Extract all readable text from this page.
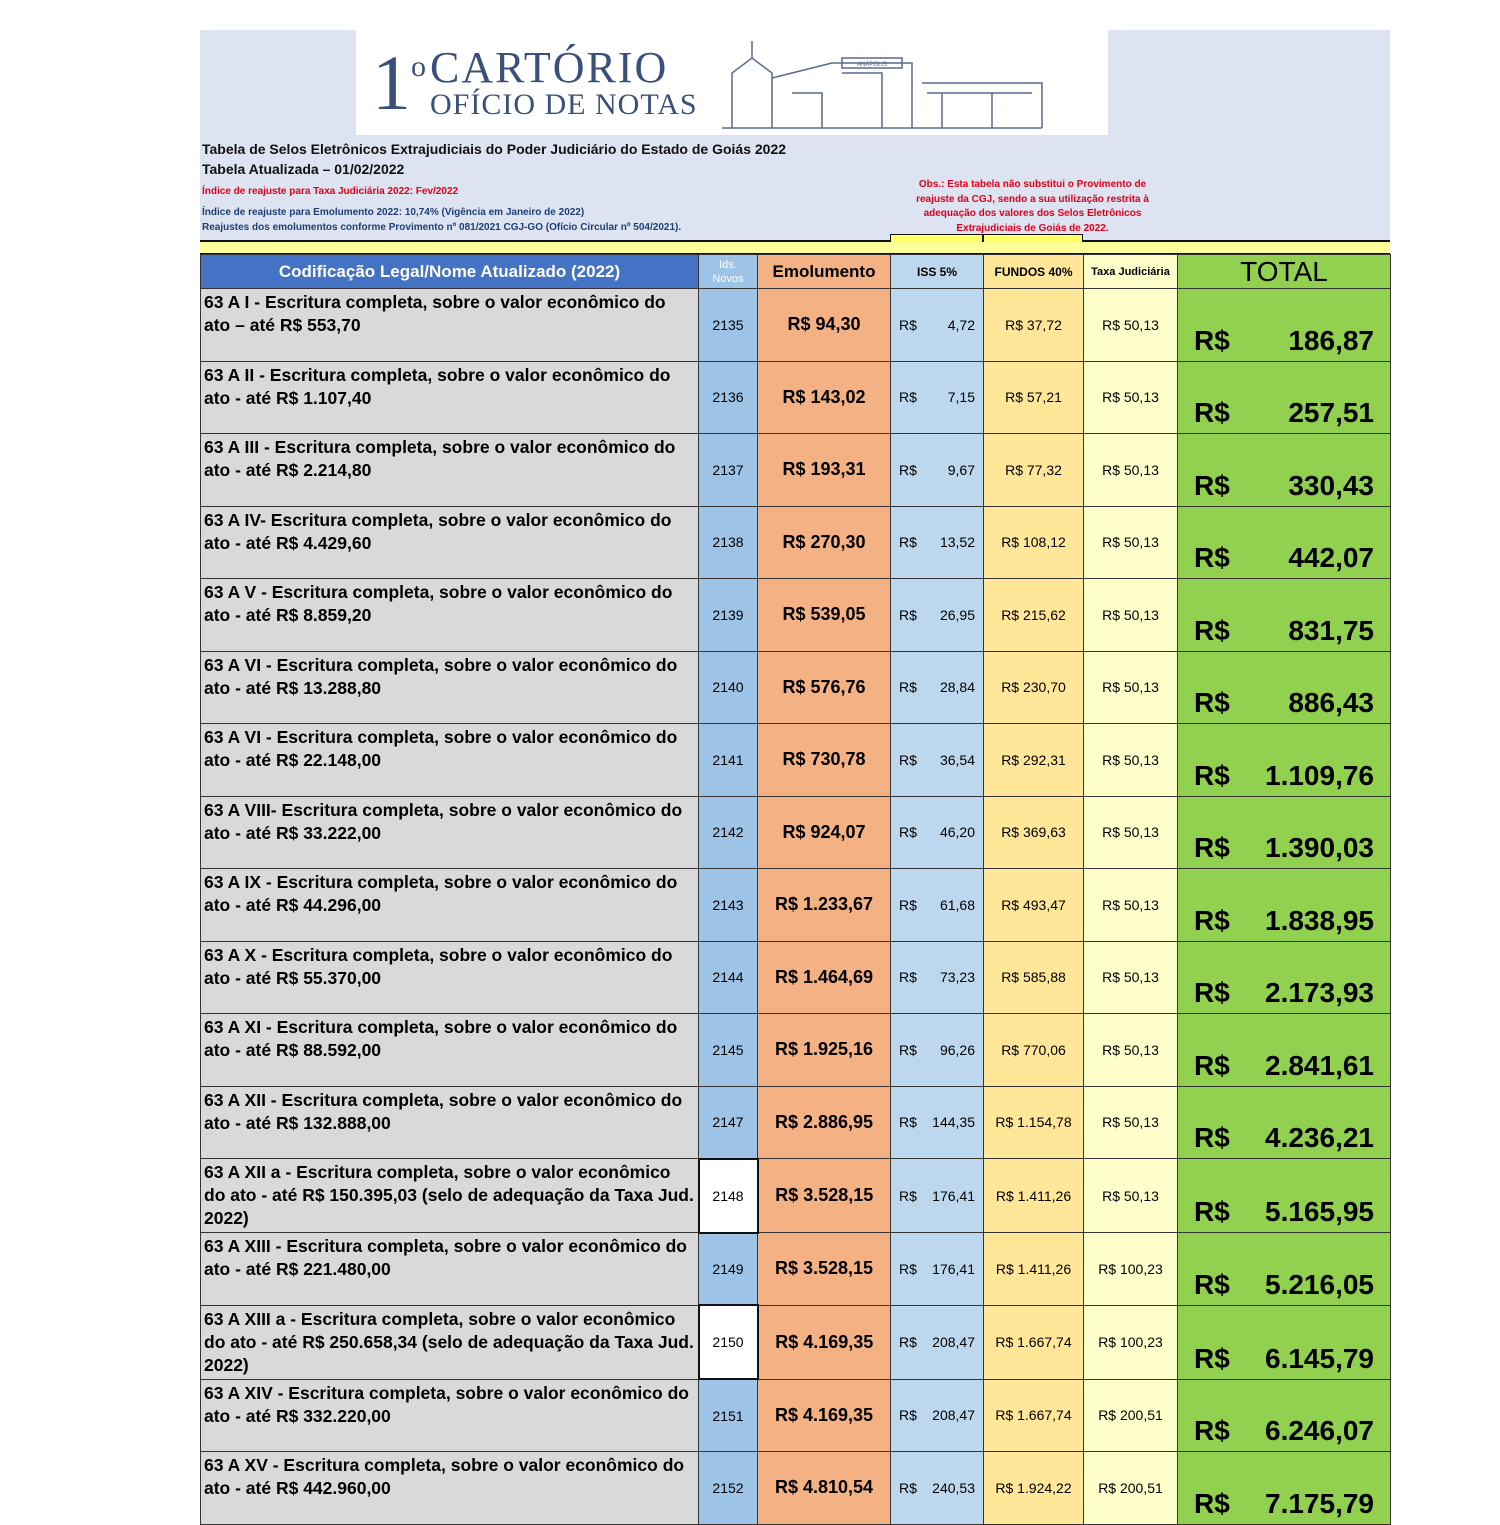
1$^o$ CARTÓRIO
OFÍCIO DE NOTAS
ANÁPOLIS
Tabela de Selos Eletrônicos Extrajudiciais do Poder Judiciário do Estado de Goiás 2022
Tabela Atualizada – 01/02/2022
Índice de reajuste para Taxa Judiciária 2022: Fev/2022
Índice de reajuste para Emolumento 2022: 10,74% (Vigência em Janeiro de 2022)
Reajustes dos emolumentos conforme Provimento nº 081/2021 CGJ-GO (Ofício Circular nº 504/2021).
Obs.: Esta tabela não substitui o Provimento de reajuste da CGJ, sendo a sua utilização restrita à adequação dos valores dos Selos Eletrônicos Extrajudiciais de Goiás de 2022.
Codificação Legal/Nome Atualizado (2022)	Ids.
Novos	Emolumento	ISS 5%	FUNDOS 40%	Taxa Judiciária	TOTAL
63 A I - Escritura completa, sobre o valor econômico do ato – até R$ 553,70	2135	R$ 94,30	R$ 4,72	R$ 37,72	R$ 50,13	R$ 186,87

63 A II - Escritura completa, sobre o valor econômico do ato - até R$ 1.107,40	2136	R$ 143,02	R$ 7,15	R$ 57,21	R$ 50,13	R$ 257,51

63 A III - Escritura completa, sobre o valor econômico do ato - até R$ 2.214,80	2137	R$ 193,31	R$ 9,67	R$ 77,32	R$ 50,13	R$ 330,43

63 A IV- Escritura completa, sobre o valor econômico do ato - até R$ 4.429,60	2138	R$ 270,30	R$ 13,52	R$ 108,12	R$ 50,13	R$ 442,07

63 A V - Escritura completa, sobre o valor econômico do ato - até R$ 8.859,20	2139	R$ 539,05	R$ 26,95	R$ 215,62	R$ 50,13	R$ 831,75

63 A VI - Escritura completa, sobre o valor econômico do ato - até R$ 13.288,80	2140	R$ 576,76	R$ 28,84	R$ 230,70	R$ 50,13	R$ 886,43

63 A VI - Escritura completa, sobre o valor econômico do ato - até R$ 22.148,00	2141	R$ 730,78	R$ 36,54	R$ 292,31	R$ 50,13	R$ 1.109,76

63 A VIII- Escritura completa, sobre o valor econômico do ato - até R$ 33.222,00	2142	R$ 924,07	R$ 46,20	R$ 369,63	R$ 50,13	R$ 1.390,03

63 A IX - Escritura completa, sobre o valor econômico do ato - até R$ 44.296,00	2143	R$ 1.233,67	R$ 61,68	R$ 493,47	R$ 50,13	R$ 1.838,95

63 A X - Escritura completa, sobre o valor econômico do ato - até R$ 55.370,00	2144	R$ 1.464,69	R$ 73,23	R$ 585,88	R$ 50,13	R$ 2.173,93

63 A XI - Escritura completa, sobre o valor econômico do ato - até R$ 88.592,00	2145	R$ 1.925,16	R$ 96,26	R$ 770,06	R$ 50,13	R$ 2.841,61

63 A XII - Escritura completa, sobre o valor econômico do ato - até R$ 132.888,00	2147	R$ 2.886,95	R$ 144,35	R$ 1.154,78	R$ 50,13	R$ 4.236,21

63 A XII a - Escritura completa, sobre o valor econômico do ato - até R$ 150.395,03 (selo de adequação da Taxa Jud. 2022)	2148	R$ 3.528,15	R$ 176,41	R$ 1.411,26	R$ 50,13	R$ 5.165,95

63 A XIII - Escritura completa, sobre o valor econômico do ato - até R$ 221.480,00	2149	R$ 3.528,15	R$ 176,41	R$ 1.411,26	R$ 100,23	R$ 5.216,05

63 A XIII a - Escritura completa, sobre o valor econômico do ato - até R$ 250.658,34 (selo de adequação da Taxa Jud. 2022)	2150	R$ 4.169,35	R$ 208,47	R$ 1.667,74	R$ 100,23	R$ 6.145,79

63 A XIV - Escritura completa, sobre o valor econômico do ato - até R$ 332.220,00	2151	R$ 4.169,35	R$ 208,47	R$ 1.667,74	R$ 200,51	R$ 6.246,07

63 A XV - Escritura completa, sobre o valor econômico do ato - até R$ 442.960,00	2152	R$ 4.810,54	R$ 240,53	R$ 1.924,22	R$ 200,51	R$ 7.175,79
